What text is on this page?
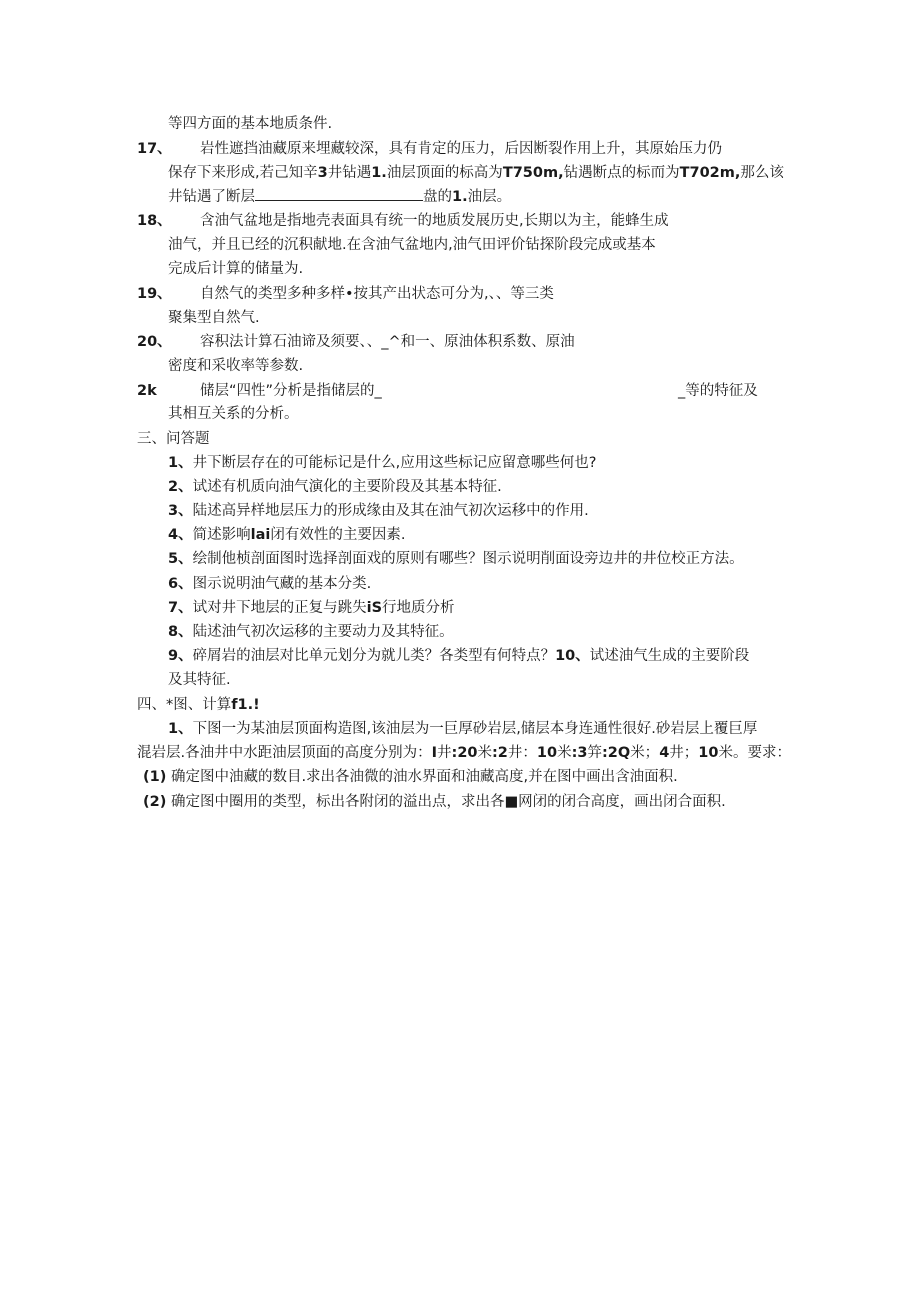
等四方面的基本地质条件.
17、 岩性遮挡油藏原来埋藏较深，具有肯定的压力，后因断裂作用上升，其原始压力仍
保存下来形成,若己知辛3井钻遇1.油层顶面的标高为T750m,钻遇断点的标而为T702m,那么该
井钻遇了断层	盘的1.油层。
18、 含油气盆地是指地壳表面具有统一的地质发展历史,长期以为主，能蜂生成
油气，并且已经的沉积献地.在含油气盆地内,油气田评价钻探阶段完成或基本
完成后计算的储量为.
19、 自然气的类型多种多样•按其产出状态可分为,、、等三类
聚集型自然气.
20、 容积法计算石油谛及须要、、_^和一、原油体积系数、原油
密度和采收率等参数.
2k	储层“四性”分析是指储层的_	_等的特征及
其相互关系的分析。
三、问答题
1、井下断层存在的可能标记是什么,应用这些标记应留意哪些何也?
2、试述有机质向油气演化的主要阶段及其基本特征.
3、陆述高异样地层压力的形成缘由及其在油气初次运移中的作用.
4、简述影响lai闭有效性的主要因素.
5、绘制他桢剖面图时选择剖面戏的原则有哪些？图示说明削面设旁边井的井位校正方法。
6、图示说明油气藏的基本分类.
7、试对井下地层的正复与跳失iS行地质分析
8、陆述油气初次运移的主要动力及其特征。
9、碎屑岩的油层对比单元划分为就儿类？各类型有何特点？10、试述油气生成的主要阶段
及其特征.
四、*图、计算f1.!
1、下图一为某油层顶面构造图,该油层为一巨厚砂岩层,储层本身连通性很好.砂岩层上覆巨厚
混岩层.各油井中水距油层顶面的高度分别为：I井:20米:2井：10米:3笄:2Q米；4井；10米。要求：
(1) 确定图中油藏的数目.求出各油微的油水界面和油藏高度,并在图中画出含油面积.
(2) 确定图中圈用的类型，标出各附闭的溢出点，求出各■网闭的闭合高度，画出闭合面积.
